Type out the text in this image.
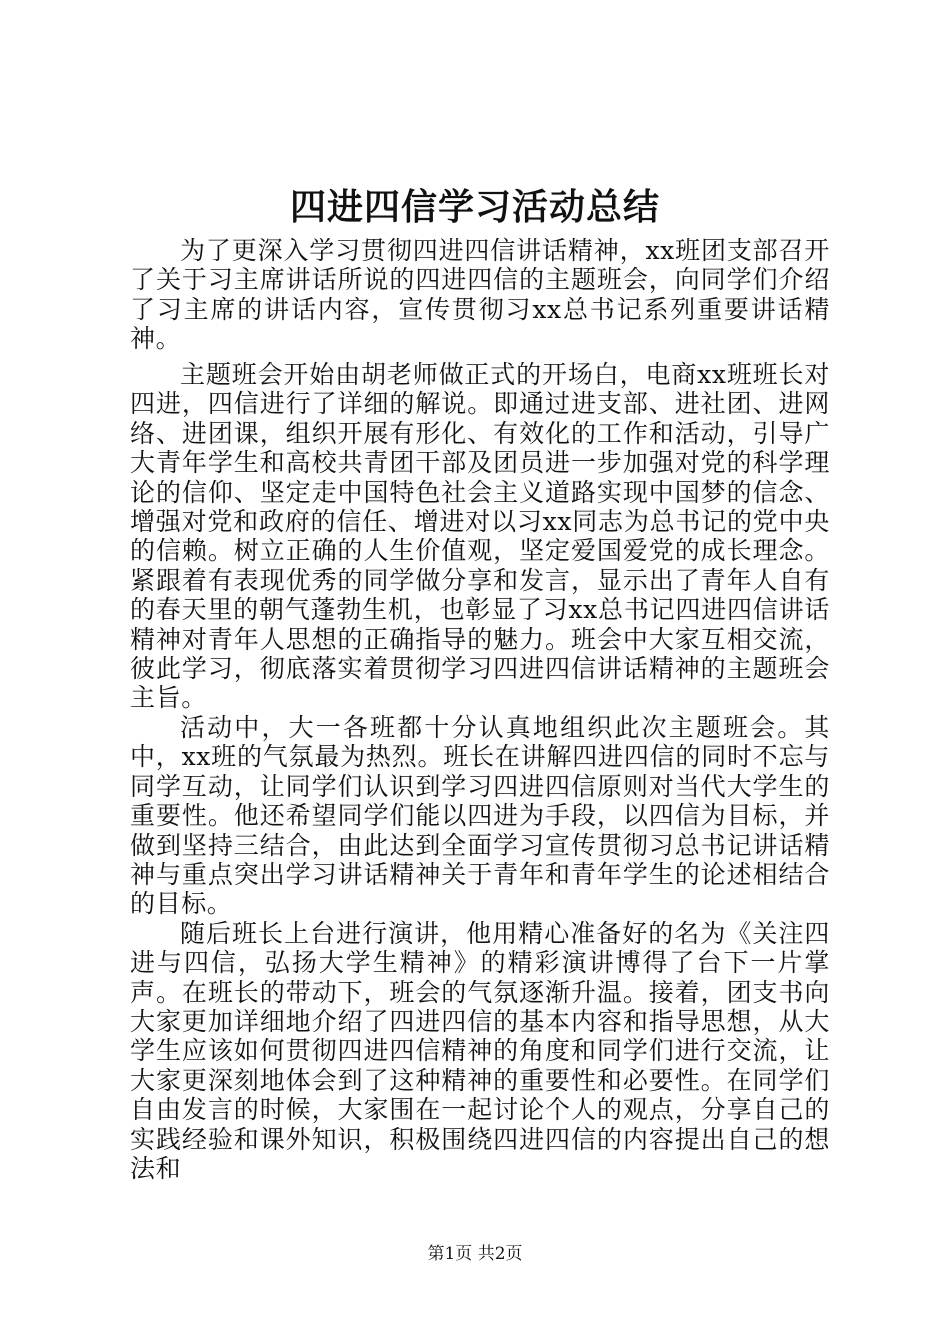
四进四信学习活动总结

为了更深入学习贯彻四进四信讲话精神，xx班团支部召开了关于习主席讲话所说的四进四信的主题班会，向同学们介绍了习主席的讲话内容，宣传贯彻习xx总书记系列重要讲话精神。

主题班会开始由胡老师做正式的开场白，电商xx班班长对四进，四信进行了详细的解说。即通过进支部、进社团、进网络、进团课，组织开展有形化、有效化的工作和活动，引导广大青年学生和高校共青团干部及团员进一步加强对党的科学理论的信仰、坚定走中国特色社会主义道路实现中国梦的信念、增强对党和政府的信任、增进对以习xx同志为总书记的党中央的信赖。树立正确的人生价值观，坚定爱国爱党的成长理念。紧跟着有表现优秀的同学做分享和发言，显示出了青年人自有的春天里的朝气蓬勃生机，也彰显了习xx总书记四进四信讲话精神对青年人思想的正确指导的魅力。班会中大家互相交流，彼此学习，彻底落实着贯彻学习四进四信讲话精神的主题班会主旨。

活动中，大一各班都十分认真地组织此次主题班会。其中，xx班的气氛最为热烈。班长在讲解四进四信的同时不忘与同学互动，让同学们认识到学习四进四信原则对当代大学生的重要性。他还希望同学们能以四进为手段，以四信为目标，并做到坚持三结合，由此达到全面学习宣传贯彻习总书记讲话精神与重点突出学习讲话精神关于青年和青年学生的论述相结合的目标。

随后班长上台进行演讲，他用精心准备好的名为《关注四进与四信，弘扬大学生精神》的精彩演讲博得了台下一片掌声。在班长的带动下，班会的气氛逐渐升温。接着，团支书向大家更加详细地介绍了四进四信的基本内容和指导思想，从大学生应该如何贯彻四进四信精神的角度和同学们进行交流，让大家更深刻地体会到了这种精神的重要性和必要性。在同学们自由发言的时候，大家围在一起讨论个人的观点，分享自己的实践经验和课外知识，积极围绕四进四信的内容提出自己的想法和

第1页 共2页
